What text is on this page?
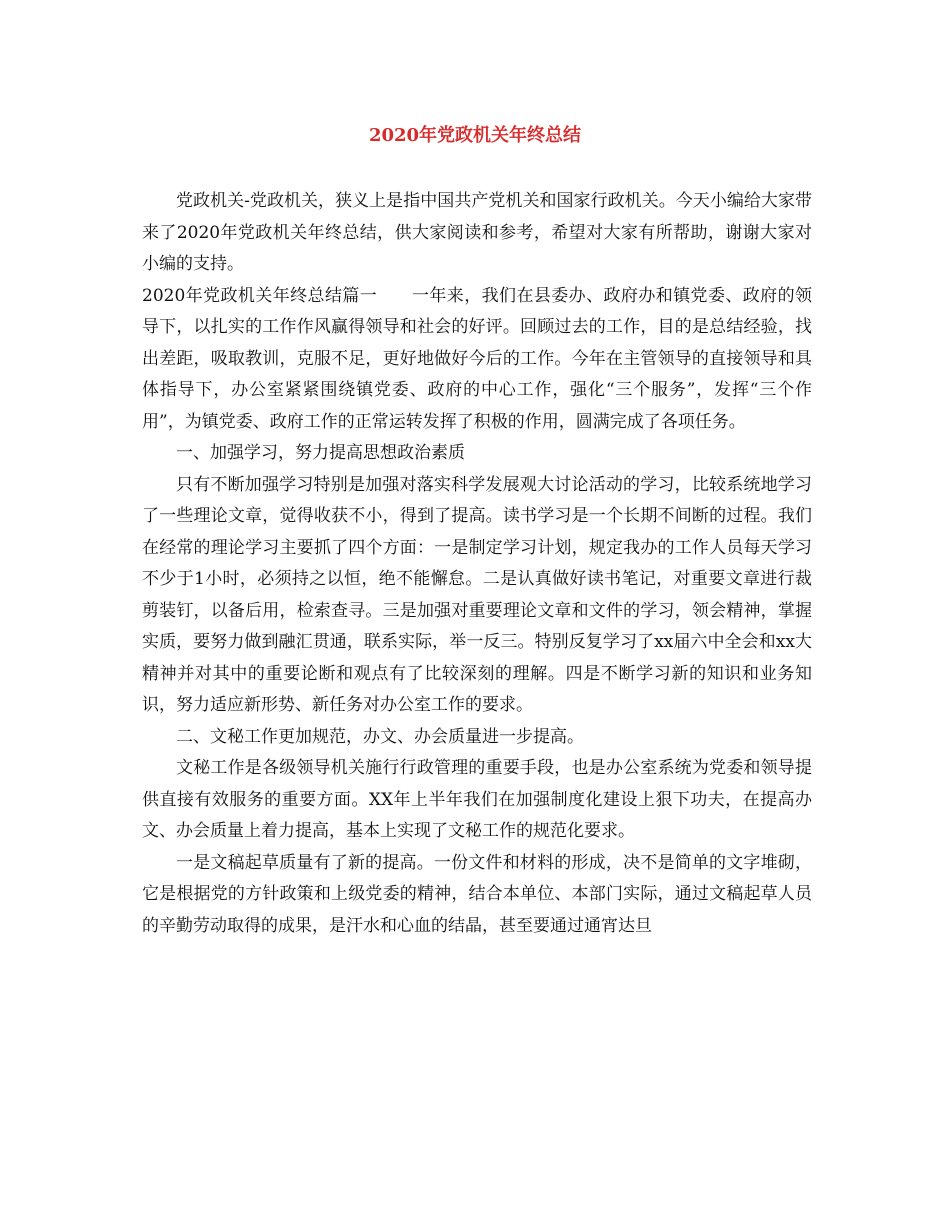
2020年党政机关年终总结

党政机关-党政机关，狭义上是指中国共产党机关和国家行政机关。今天小编给大家带来了2020年党政机关年终总结，供大家阅读和参考，希望对大家有所帮助，谢谢大家对小编的支持。

2020年党政机关年终总结篇一　　一年来，我们在县委办、政府办和镇党委、政府的领导下，以扎实的工作作风赢得领导和社会的好评。回顾过去的工作，目的是总结经验，找出差距，吸取教训，克服不足，更好地做好今后的工作。今年在主管领导的直接领导和具体指导下，办公室紧紧围绕镇党委、政府的中心工作，强化“三个服务”，发挥“三个作用”，为镇党委、政府工作的正常运转发挥了积极的作用，圆满完成了各项任务。

一、加强学习，努力提高思想政治素质

只有不断加强学习特别是加强对落实科学发展观大讨论活动的学习，比较系统地学习了一些理论文章，觉得收获不小，得到了提高。读书学习是一个长期不间断的过程。我们在经常的理论学习主要抓了四个方面：一是制定学习计划，规定我办的工作人员每天学习不少于1小时，必须持之以恒，绝不能懈怠。二是认真做好读书笔记，对重要文章进行裁剪装钉，以备后用，检索查寻。三是加强对重要理论文章和文件的学习，领会精神，掌握实质，要努力做到融汇贯通，联系实际，举一反三。特别反复学习了xx届六中全会和xx大精神并对其中的重要论断和观点有了比较深刻的理解。四是不断学习新的知识和业务知识，努力适应新形势、新任务对办公室工作的要求。

二、文秘工作更加规范，办文、办会质量进一步提高。

文秘工作是各级领导机关施行行政管理的重要手段，也是办公室系统为党委和领导提供直接有效服务的重要方面。XX年上半年我们在加强制度化建设上狠下功夫，在提高办文、办会质量上着力提高，基本上实现了文秘工作的规范化要求。

一是文稿起草质量有了新的提高。一份文件和材料的形成，决不是简单的文字堆砌，它是根据党的方针政策和上级党委的精神，结合本单位、本部门实际，通过文稿起草人员的辛勤劳动取得的成果，是汗水和心血的结晶，甚至要通过通宵达旦
